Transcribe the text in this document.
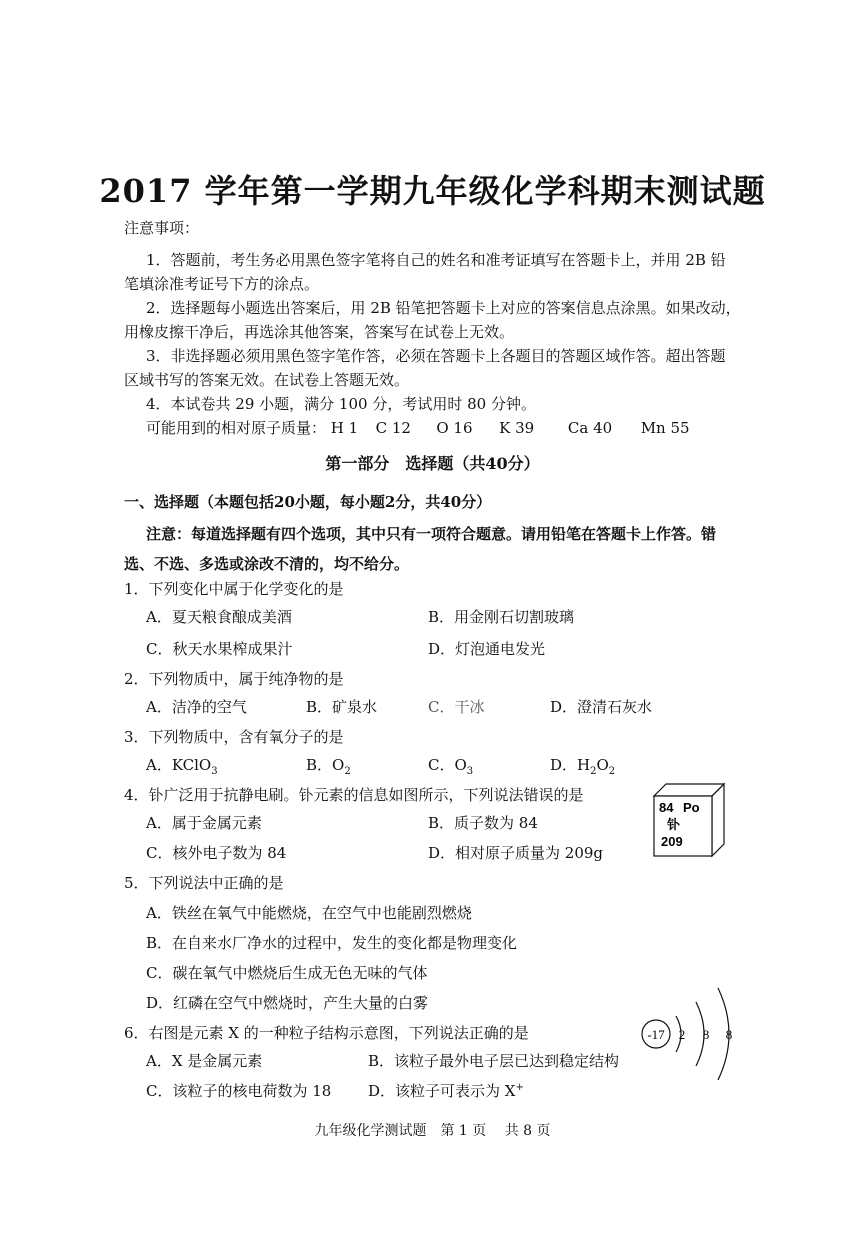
2017 学年第一学期九年级化学科期末测试题
注意事项：
1．答题前，考生务必用黑色签字笔将自己的姓名和准考证填写在答题卡上，并用 2B 铅
笔填涂准考证号下方的涂点。
2．选择题每小题选出答案后，用 2B 铅笔把答题卡上对应的答案信息点涂黑。如果改动，
用橡皮擦干净后，再选涂其他答案，答案写在试卷上无效。
3．非选择题必须用黑色签字笔作答，必须在答题卡上各题目的答题区域作答。超出答题
区域书写的答案无效。在试卷上答题无效。
4．本试卷共 29 小题，满分 100 分，考试用时 80 分钟。
可能用到的相对原子质量： H 1 C 12 O 16 K 39 Ca 40 Mn 55
第一部分　选择题（共40分）
一、选择题（本题包括20小题，每小题2分，共40分）
注意：每道选择题有四个选项，其中只有一项符合题意。请用铅笔在答题卡上作答。错
选、不选、多选或涂改不清的，均不给分。
1．下列变化中属于化学变化的是
A．夏天粮食酿成美酒	B．用金刚石切割玻璃
C．秋天水果榨成果汁	D．灯泡通电发光
2．下列物质中，属于纯净物的是
A．洁净的空气	B．矿泉水	C．干冰	D．澄清石灰水
3．下列物质中，含有氧分子的是
A．KClO$_3$	B．$O_2$	C．$O_3$	D．$H_2O_2$
4．钋广泛用于抗静电刷。钋元素的信息如图所示，下列说法错误的是
A．属于金属元素	B．质子数为 84
C．核外电子数为 84	D．相对原子质量为 209g
84 Po
钋
209
5．下列说法中正确的是
A．铁丝在氧气中能燃烧，在空气中也能剧烈燃烧
B．在自来水厂净水的过程中，发生的变化都是物理变化
C．碳在氧气中燃烧后生成无色无味的气体
D．红磷在空气中燃烧时，产生大量的白雾
6．右图是元素 X 的一种粒子结构示意图，下列说法正确的是
A．X 是金属元素	B．该粒子最外电子层已达到稳定结构
C．该粒子的核电荷数为 18 D．该粒子可表示为 X+
-17 2 8 8
九年级化学测试题　第 1 页　 共 8 页
